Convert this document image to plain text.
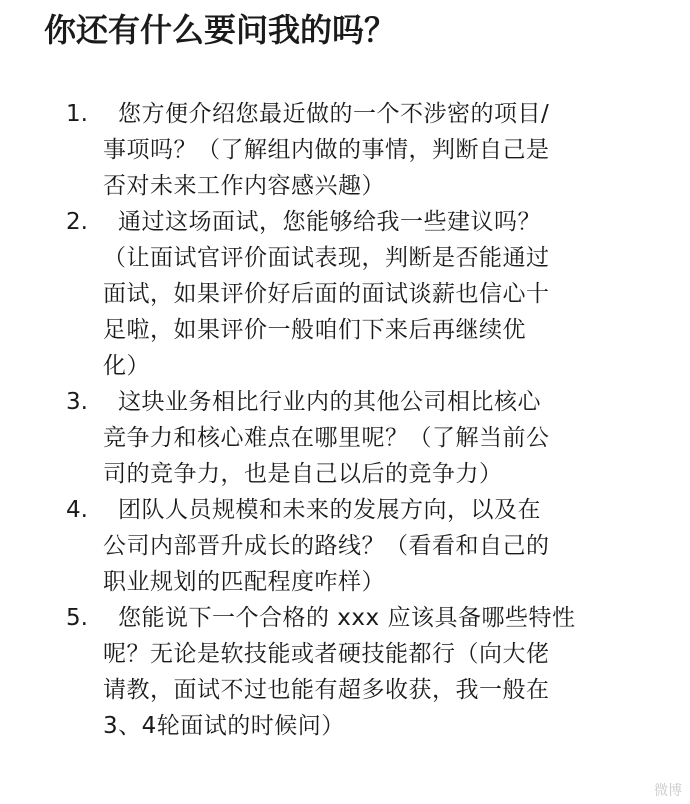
你还有什么要问我的吗？
1. 您方便介绍您最近做的一个不涉密的项目/
事项吗？（了解组内做的事情，判断自己是
否对未来工作内容感兴趣）
2. 通过这场面试，您能够给我一些建议吗？
（让面试官评价面试表现，判断是否能通过
面试，如果评价好后面的面试谈薪也信心十
足啦，如果评价一般咱们下来后再继续优
化）
3. 这块业务相比行业内的其他公司相比核心
竞争力和核心难点在哪里呢？（了解当前公
司的竞争力，也是自己以后的竞争力）
4. 团队人员规模和未来的发展方向，以及在
公司内部晋升成长的路线？（看看和自己的
职业规划的匹配程度咋样）
5. 您能说下一个合格的 xxx 应该具备哪些特性
呢？无论是软技能或者硬技能都行（向大佬
请教，面试不过也能有超多收获，我一般在
3、4轮面试的时候问）
微博
